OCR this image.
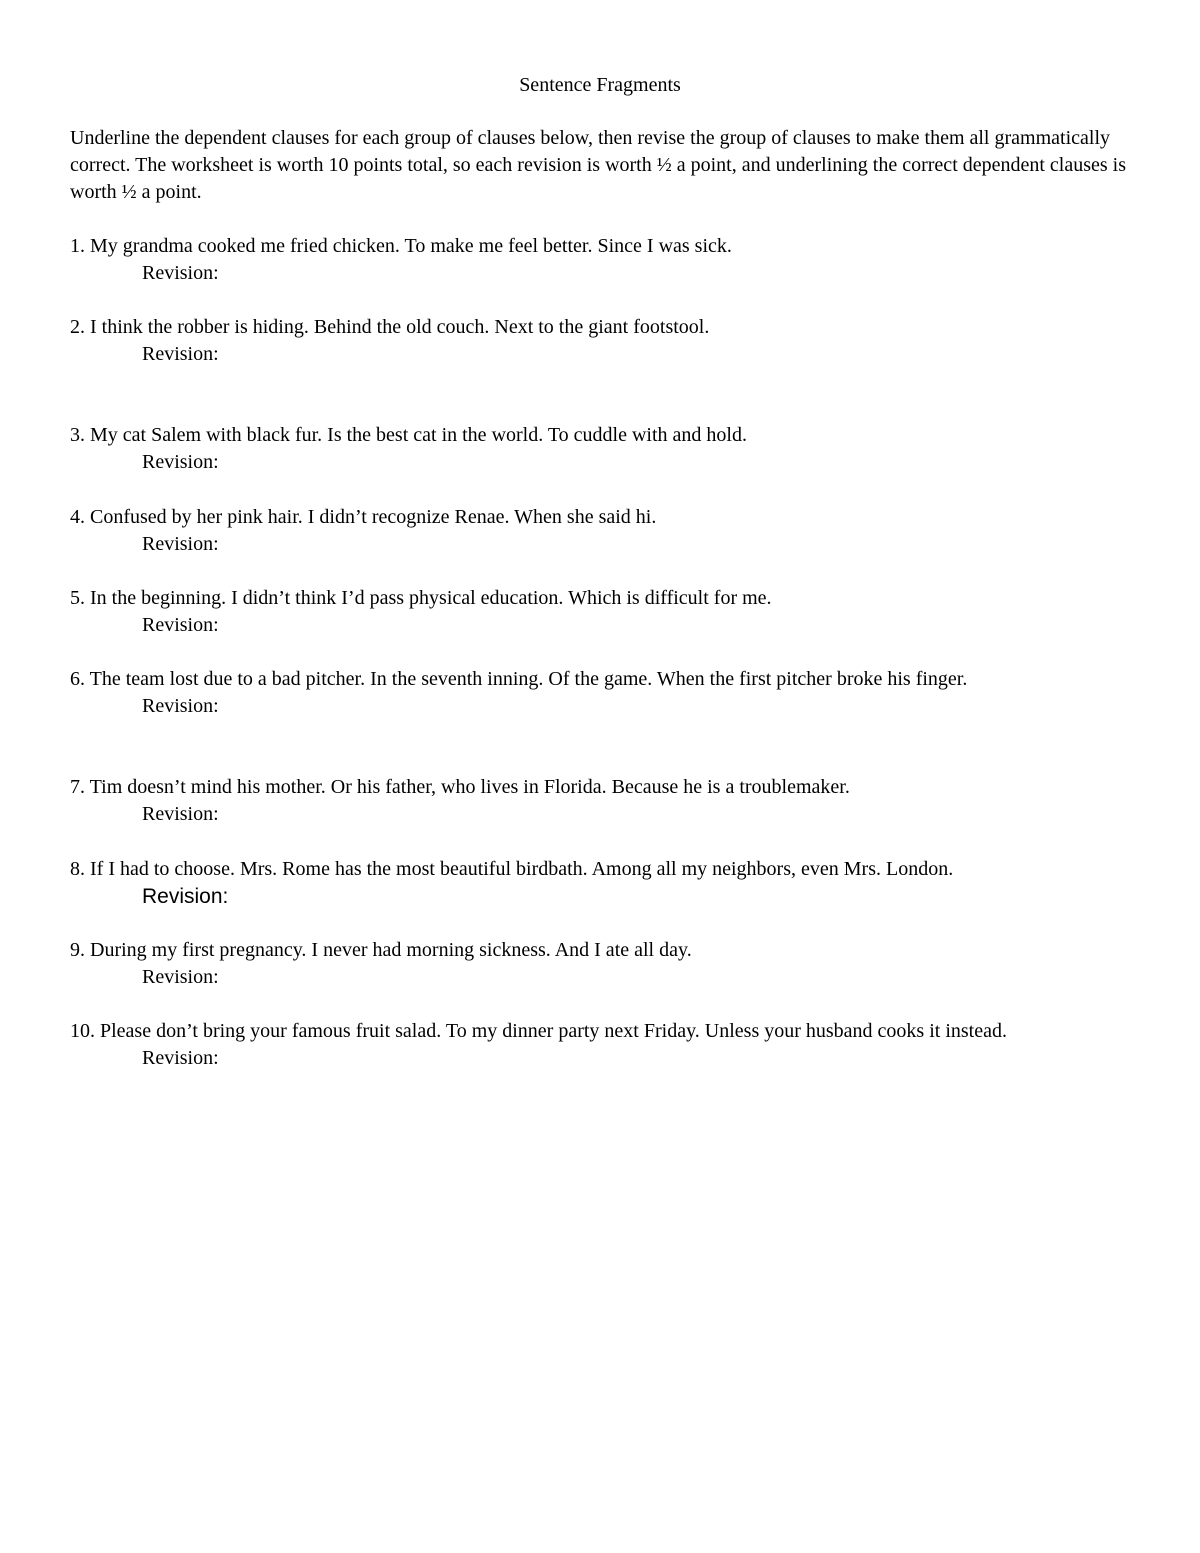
Sentence Fragments

Underline the dependent clauses for each group of clauses below, then revise the group of clauses to make them all grammatically correct. The worksheet is worth 10 points total, so each revision is worth ½ a point, and underlining the correct dependent clauses is worth ½ a point.

1. My grandma cooked me fried chicken. To make me feel better. Since I was sick.

Revision:

2. I think the robber is hiding. Behind the old couch. Next to the giant footstool.

Revision:

3. My cat Salem with black fur. Is the best cat in the world. To cuddle with and hold.

Revision:

4. Confused by her pink hair. I didn’t recognize Renae. When she said hi.

Revision:

5. In the beginning. I didn’t think I’d pass physical education. Which is difficult for me.

Revision:

6. The team lost due to a bad pitcher. In the seventh inning. Of the game. When the first pitcher broke his finger.

Revision:

7. Tim doesn’t mind his mother. Or his father, who lives in Florida. Because he is a troublemaker.

Revision:

8. If I had to choose. Mrs. Rome has the most beautiful birdbath. Among all my neighbors, even Mrs. London.

Revision:

9. During my first pregnancy. I never had morning sickness. And I ate all day.

Revision:

10. Please don’t bring your famous fruit salad. To my dinner party next Friday. Unless your husband cooks it instead.

Revision:
